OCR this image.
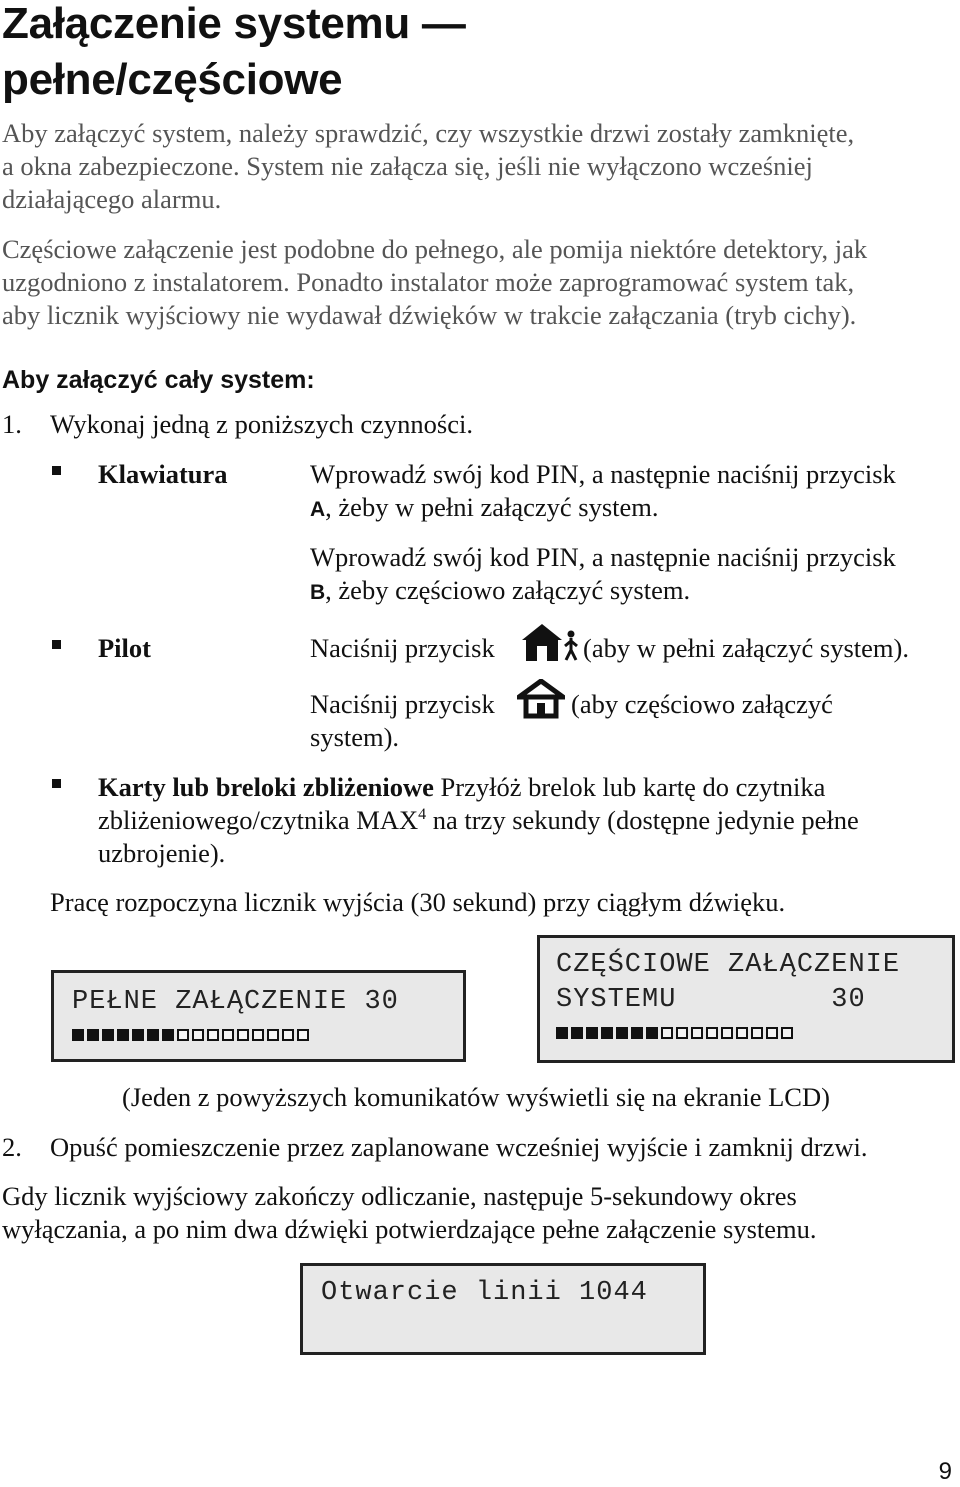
Załączenie systemu —
pełne/częściowe
Aby załączyć system, należy sprawdzić, czy wszystkie drzwi zostały zamknięte,
a okna zabezpieczone. System nie załącza się, jeśli nie wyłączono wcześniej
działającego alarmu.
Częściowe załączenie jest podobne do pełnego, ale pomija niektóre detektory, jak
uzgodniono z instalatorem. Ponadto instalator może zaprogramować system tak,
aby licznik wyjściowy nie wydawał dźwięków w trakcie załączania (tryb cichy).
Aby załączyć cały system:
1. Wykonaj jedną z poniższych czynności.
Klawiatura	Wprowadź swój kod PIN, a następnie naciśnij przycisk
A, żeby w pełni załączyć system.
Wprowadź swój kod PIN, a następnie naciśnij przycisk
B, żeby częściowo załączyć system.
Pilot	Naciśnij przycisk	(aby w pełni załączyć system).
Naciśnij przycisk	(aby częściowo załączyć
system).
Karty lub breloki zbliżeniowe Przyłóż brelok lub kartę do czytnika
zbliżeniowego/czytnika MAX$^4$ na trzy sekundy (dostępne jedynie pełne
uzbrojenie).
Pracę rozpoczyna licznik wyjścia (30 sekund) przy ciągłym dźwięku.
PEŁNE ZAŁĄCZENIE 30
CZĘŚCIOWE ZAŁĄCZENIE
SYSTEMU         30
(Jeden z powyższych komunikatów wyświetli się na ekranie LCD)
2. Opuść pomieszczenie przez zaplanowane wcześniej wyjście i zamknij drzwi.
Gdy licznik wyjściowy zakończy odliczanie, następuje 5-sekundowy okres
wyłączania, a po nim dwa dźwięki potwierdzające pełne załączenie systemu.
Otwarcie linii 1044
9
